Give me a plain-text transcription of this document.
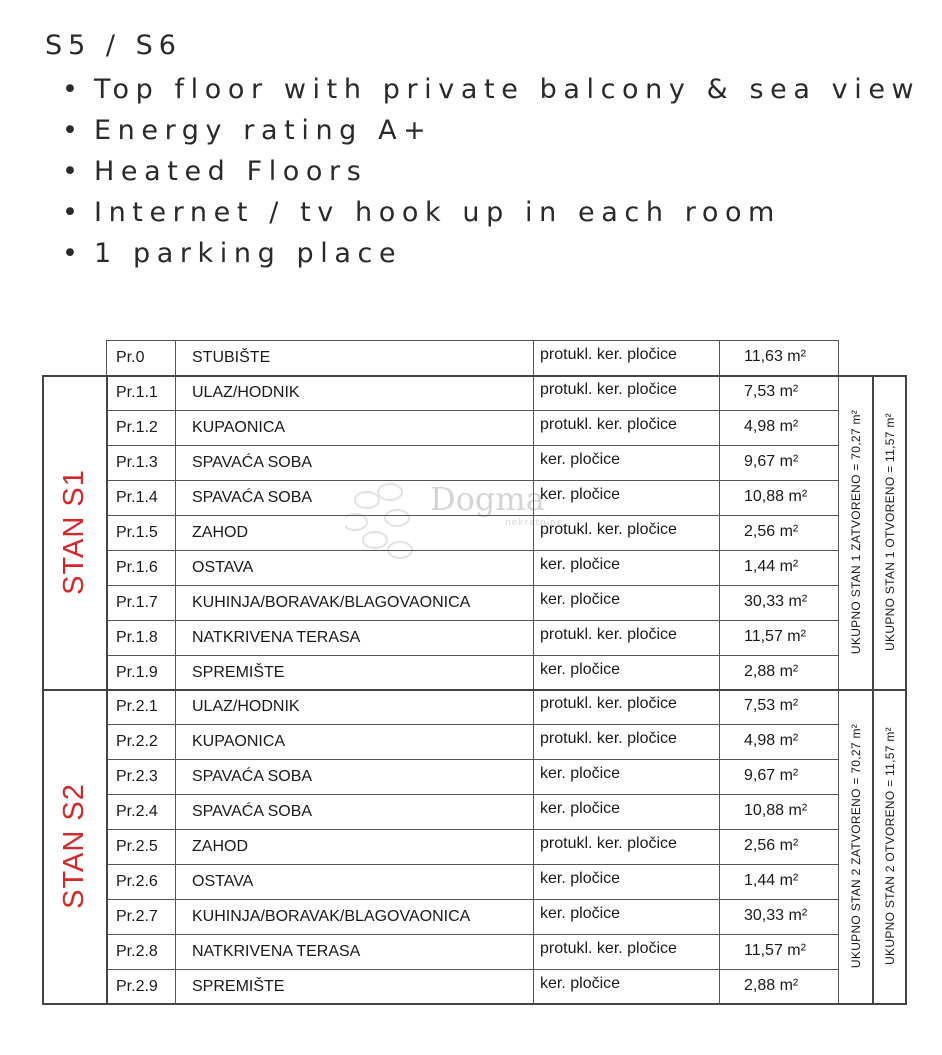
S5 / S6
• Top floor with private balcony & sea view
• Energy rating A+
• Heated Floors
• Internet / tv hook up in each room
• 1 parking place
Dogma
nekretnine
Pr.0	STUBIŠTE	protukl. ker. pločice	11,63 m²
Pr.1.1	ULAZ/HODNIK	protukl. ker. pločice	7,53 m²
Pr.1.2	KUPAONICA	protukl. ker. pločice	4,98 m²
Pr.1.3	SPAVAĆA SOBA	ker. pločice	9,67 m²
Pr.1.4	SPAVAĆA SOBA	ker. pločice	10,88 m²
Pr.1.5	ZAHOD	protukl. ker. pločice	2,56 m²
Pr.1.6	OSTAVA	ker. pločice	1,44 m²
Pr.1.7	KUHINJA/BORAVAK/BLAGOVAONICA	ker. pločice	30,33 m²
Pr.1.8	NATKRIVENA TERASA	protukl. ker. pločice	11,57 m²
Pr.1.9	SPREMIŠTE	ker. pločice	2,88 m²
Pr.2.1	ULAZ/HODNIK	protukl. ker. pločice	7,53 m²
Pr.2.2	KUPAONICA	protukl. ker. pločice	4,98 m²
Pr.2.3	SPAVAĆA SOBA	ker. pločice	9,67 m²
Pr.2.4	SPAVAĆA SOBA	ker. pločice	10,88 m²
Pr.2.5	ZAHOD	protukl. ker. pločice	2,56 m²
Pr.2.6	OSTAVA	ker. pločice	1,44 m²
Pr.2.7	KUHINJA/BORAVAK/BLAGOVAONICA	ker. pločice	30,33 m²
Pr.2.8	NATKRIVENA TERASA	protukl. ker. pločice	11,57 m²
Pr.2.9	SPREMIŠTE	ker. pločice	2,88 m²
STAN S1
STAN S2
UKUPNO STAN 1 ZATVORENO = 70,27 m² UKUPNO STAN 1 OTVORENO = 11,57 m²
UKUPNO STAN 2 ZATVORENO = 70,27 m² UKUPNO STAN 2 OTVORENO = 11,57 m²
